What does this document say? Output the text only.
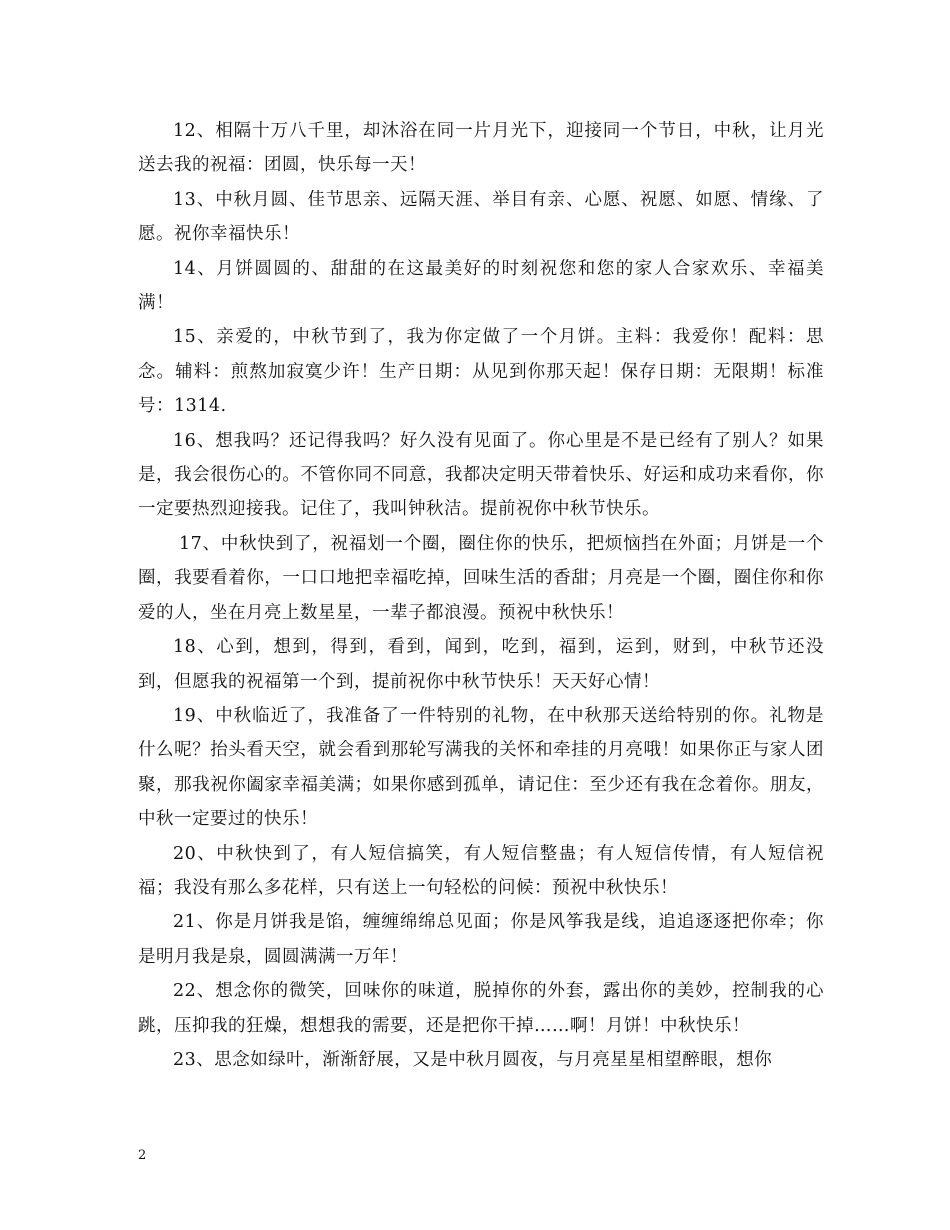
12、相隔十万八千里，却沐浴在同一片月光下，迎接同一个节日，中秋，让月光送去我的祝福：团圆，快乐每一天！

13、中秋月圆、佳节思亲、远隔天涯、举目有亲、心愿、祝愿、如愿、情缘、了愿。祝你幸福快乐！

14、月饼圆圆的、甜甜的在这最美好的时刻祝您和您的家人合家欢乐、幸福美满！

15、亲爱的，中秋节到了，我为你定做了一个月饼。主料：我爱你！配料：思念。辅料：煎熬加寂寞少许！生产日期：从见到你那天起！保存日期：无限期！标准号：1314.

16、想我吗？还记得我吗？好久没有见面了。你心里是不是已经有了别人？如果是，我会很伤心的。不管你同不同意，我都决定明天带着快乐、好运和成功来看你，你一定要热烈迎接我。记住了，我叫钟秋洁。提前祝你中秋节快乐。

17、中秋快到了，祝福划一个圈，圈住你的快乐，把烦恼挡在外面；月饼是一个圈，我要看着你，一口口地把幸福吃掉，回味生活的香甜；月亮是一个圈，圈住你和你爱的人，坐在月亮上数星星，一辈子都浪漫。预祝中秋快乐！

18、心到，想到，得到，看到，闻到，吃到，福到，运到，财到，中秋节还没到，但愿我的祝福第一个到，提前祝你中秋节快乐！天天好心情！

19、中秋临近了，我准备了一件特别的礼物，在中秋那天送给特别的你。礼物是什么呢？抬头看天空，就会看到那轮写满我的关怀和牵挂的月亮哦！如果你正与家人团聚，那我祝你阖家幸福美满；如果你感到孤单，请记住：至少还有我在念着你。朋友，中秋一定要过的快乐！

20、中秋快到了，有人短信搞笑，有人短信整蛊；有人短信传情，有人短信祝福；我没有那么多花样，只有送上一句轻松的问候：预祝中秋快乐！

21、你是月饼我是馅，缠缠绵绵总见面；你是风筝我是线，追追逐逐把你牵；你是明月我是泉，圆圆满满一万年！

22、想念你的微笑，回味你的味道，脱掉你的外套，露出你的美妙，控制我的心跳，压抑我的狂燥，想想我的需要，还是把你干掉……啊！月饼！中秋快乐！

23、思念如绿叶，渐渐舒展，又是中秋月圆夜，与月亮星星相望醉眼，想你

2
